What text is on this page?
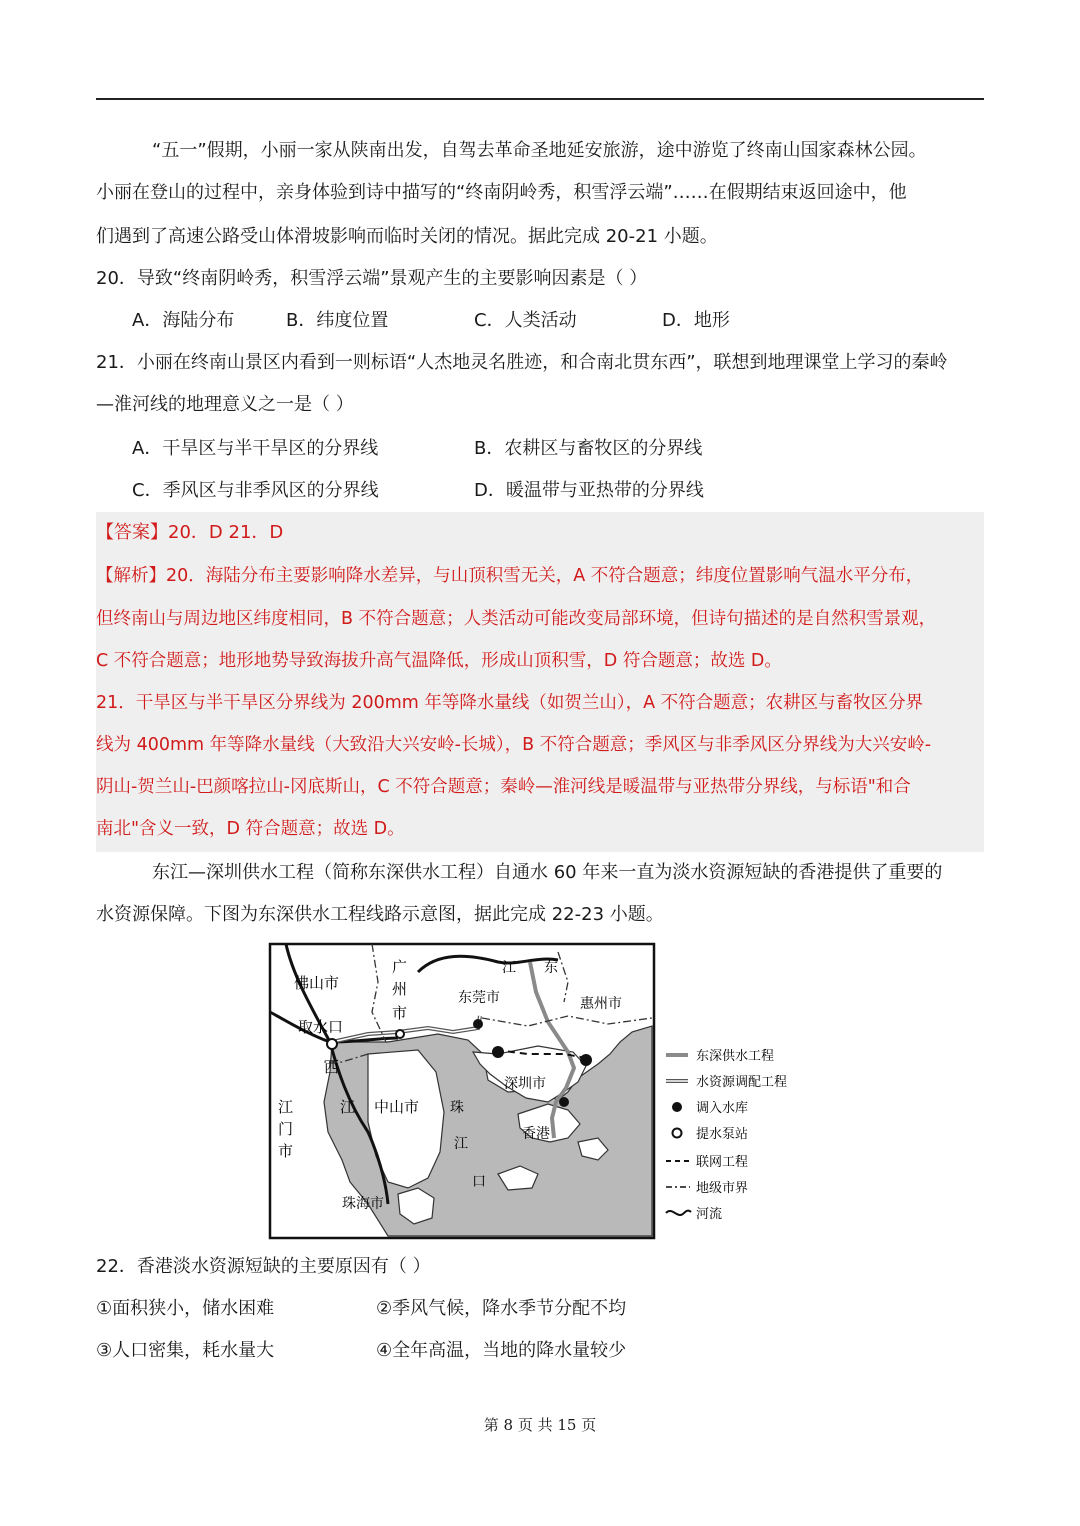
“五一”假期，小丽一家从陕南出发，自驾去革命圣地延安旅游，途中游览了终南山国家森林公园。
小丽在登山的过程中，亲身体验到诗中描写的“终南阴岭秀，积雪浮云端”……在假期结束返回途中，他
们遇到了高速公路受山体滑坡影响而临时关闭的情况。据此完成 20-21 小题。
20．导致“终南阴岭秀，积雪浮云端”景观产生的主要影响因素是（ ）
A．海陆分布	B．纬度位置	C．人类活动	D．地形
21．小丽在终南山景区内看到一则标语“人杰地灵名胜迹，和合南北贯东西”，联想到地理课堂上学习的秦岭
—淮河线的地理意义之一是（ ）
A．干旱区与半干旱区的分界线	B．农耕区与畜牧区的分界线
C．季风区与非季风区的分界线	D．暖温带与亚热带的分界线
【答案】20．D 21．D
【解析】20．海陆分布主要影响降水差异，与山顶积雪无关，A 不符合题意；纬度位置影响气温水平分布，
但终南山与周边地区纬度相同，B 不符合题意；人类活动可能改变局部环境，但诗句描述的是自然积雪景观，
C 不符合题意；地形地势导致海拔升高气温降低，形成山顶积雪，D 符合题意；故选 D。
21．干旱区与半干旱区分界线为 200mm 年等降水量线（如贺兰山），A 不符合题意；农耕区与畜牧区分界
线为 400mm 年等降水量线（大致沿大兴安岭-长城），B 不符合题意；季风区与非季风区分界线为大兴安岭-
阴山-贺兰山-巴颜喀拉山-冈底斯山，C 不符合题意；秦岭—淮河线是暖温带与亚热带分界线，与标语"和合
南北"含义一致，D 符合题意；故选 D。
东江—深圳供水工程（简称东深供水工程）自通水 60 年来一直为淡水资源短缺的香港提供了重要的
水资源保障。下图为东深供水工程线路示意图，据此完成 22-23 小题。
佛山市
广
州
市
江 东
东莞市	惠州市
取水口
西
江
江
门
市
中山市 珠
江
口
深圳市
香港
珠海市
东深供水工程
水资源调配工程
调入水库
提水泵站
联网工程
地级市界
河流
22．香港淡水资源短缺的主要原因有（ ）
①面积狭小，储水困难	②季风气候，降水季节分配不均
③人口密集，耗水量大	④全年高温，当地的降水量较少
第 8 页 共 15 页
